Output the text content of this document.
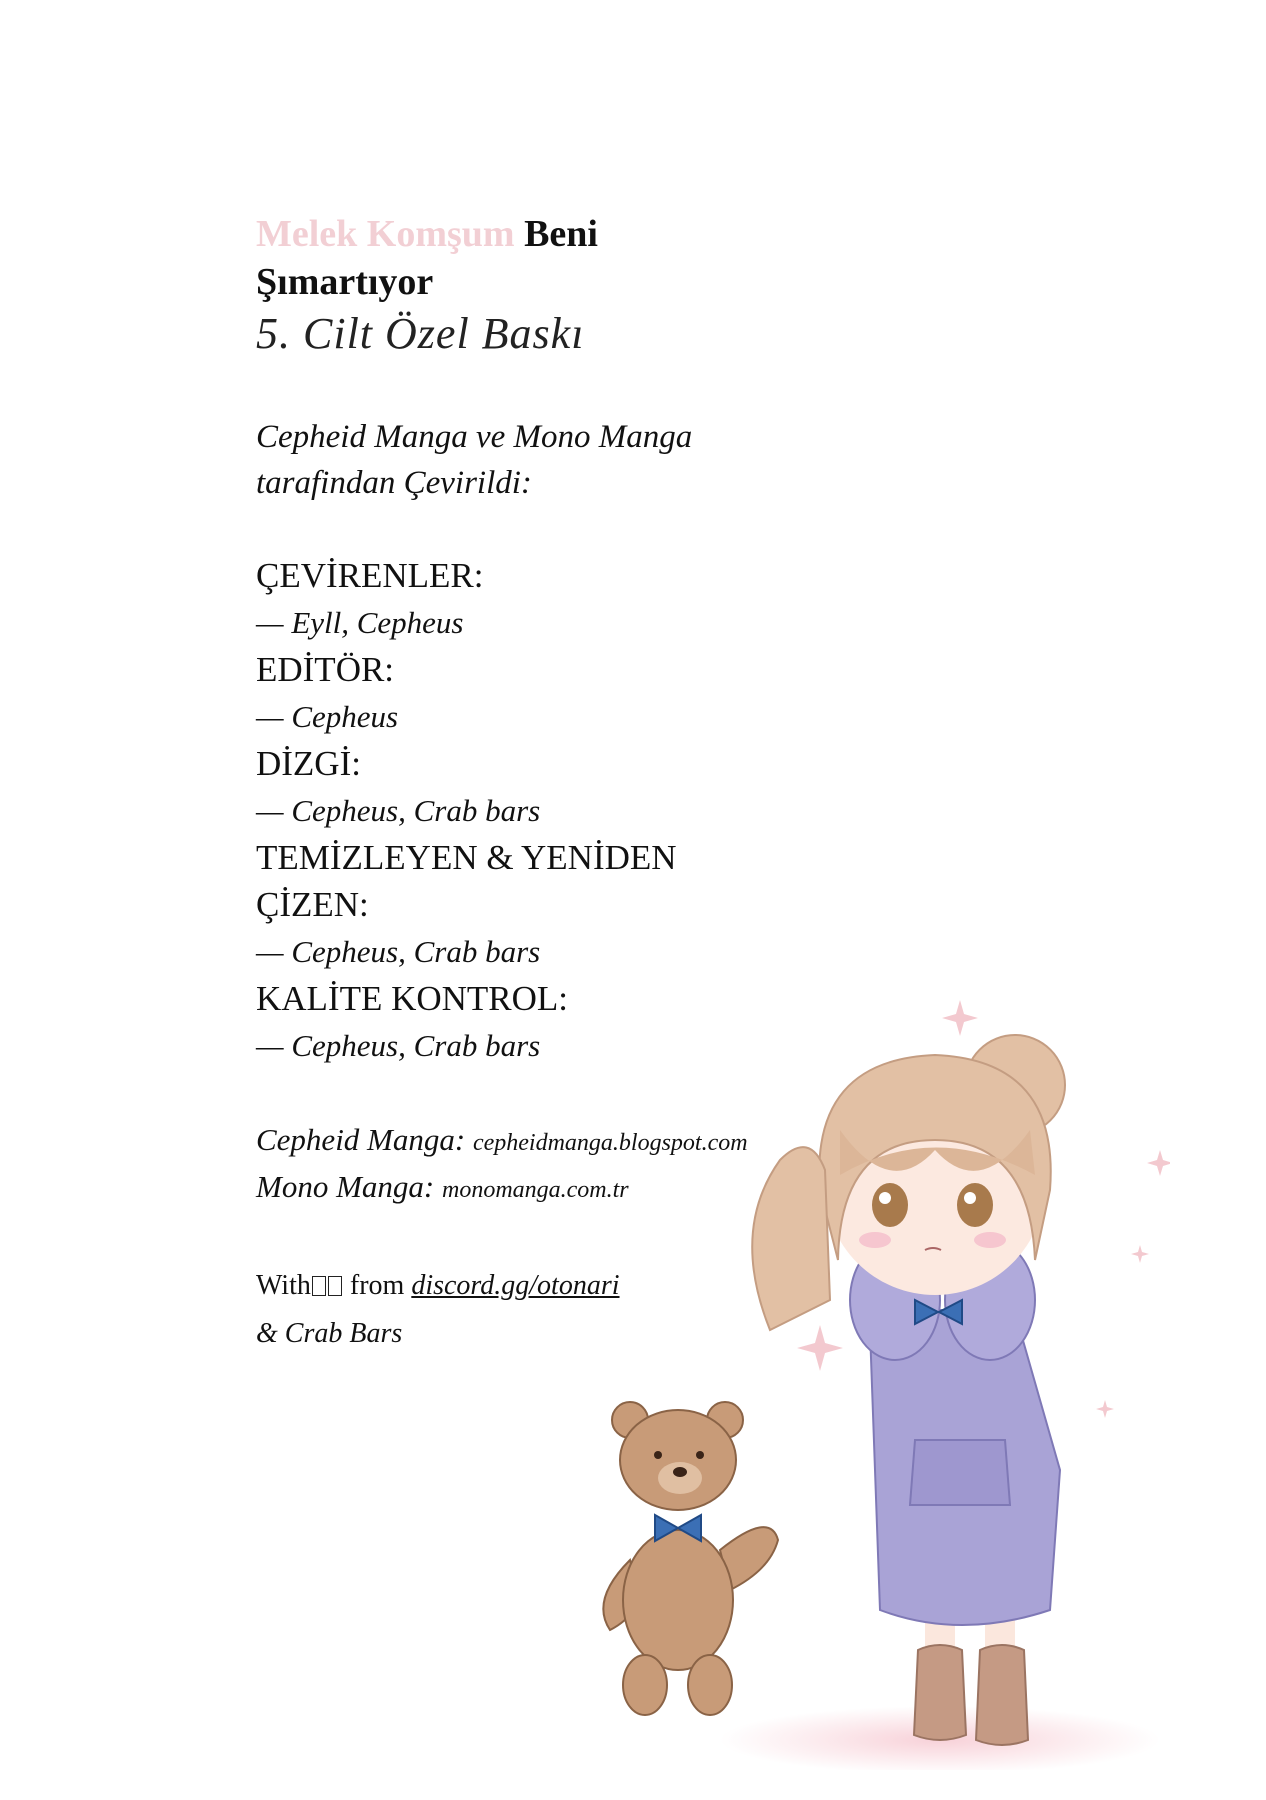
Melek Komşum Beni
Şımartıyor
5. Cilt Özel Baskı
Cepheid Manga ve Mono Manga
tarafindan Çevirildi:
ÇEVİRENLER:
— Eyll, Cepheus
EDİTÖR:
— Cepheus
DİZGİ:
— Cepheus, Crab bars
TEMİZLEYEN & YENİDEN
ÇİZEN:
— Cepheus, Crab bars
KALİTE KONTROL:
— Cepheus, Crab bars
Cepheid Manga: cepheidmanga.blogspot.com
Mono Manga: monomanga.com.tr
With from discord.gg/otonari
& Crab Bars
